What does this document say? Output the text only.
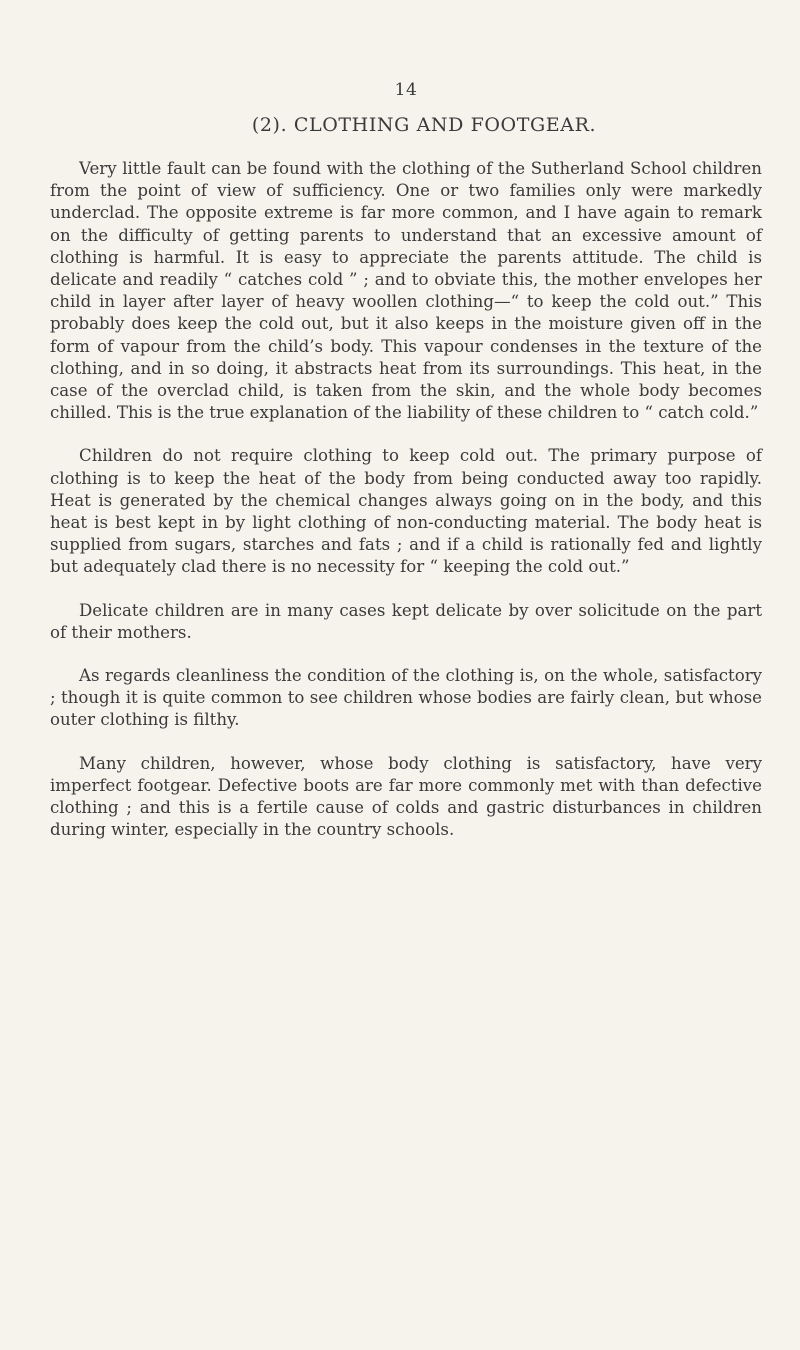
14
(2). CLOTHING AND FOOTGEAR.

Very little fault can be found with the clothing of the Sutherland School children from the point of view of sufficiency. One or two families only were markedly underclad. The opposite extreme is far more common, and I have again to remark on the difficulty of getting parents to understand that an excessive amount of clothing is harmful. It is easy to appreciate the parents attitude. The child is delicate and readily “ catches cold ” ; and to obviate this, the mother envelopes her child in layer after layer of heavy woollen clothing—“ to keep the cold out.” This probably does keep the cold out, but it also keeps in the moisture given off in the form of vapour from the child’s body. This vapour condenses in the texture of the clothing, and in so doing, it abstracts heat from its surroundings. This heat, in the case of the overclad child, is taken from the skin, and the whole body becomes chilled. This is the true explanation of the liability of these children to “ catch cold.”

Children do not require clothing to keep cold out. The primary purpose of clothing is to keep the heat of the body from being conducted away too rapidly. Heat is generated by the chemical changes always going on in the body, and this heat is best kept in by light clothing of non-conducting material. The body heat is supplied from sugars, starches and fats ; and if a child is rationally fed and lightly but adequately clad there is no necessity for “ keeping the cold out.”

Delicate children are in many cases kept delicate by over solicitude on the part of their mothers.

As regards cleanliness the condition of the clothing is, on the whole, satisfactory ; though it is quite common to see children whose bodies are fairly clean, but whose outer clothing is filthy.

Many children, however, whose body clothing is satisfactory, have very imperfect footgear. Defective boots are far more commonly met with than defective clothing ; and this is a fertile cause of colds and gastric disturbances in children during winter, especially in the country schools.
